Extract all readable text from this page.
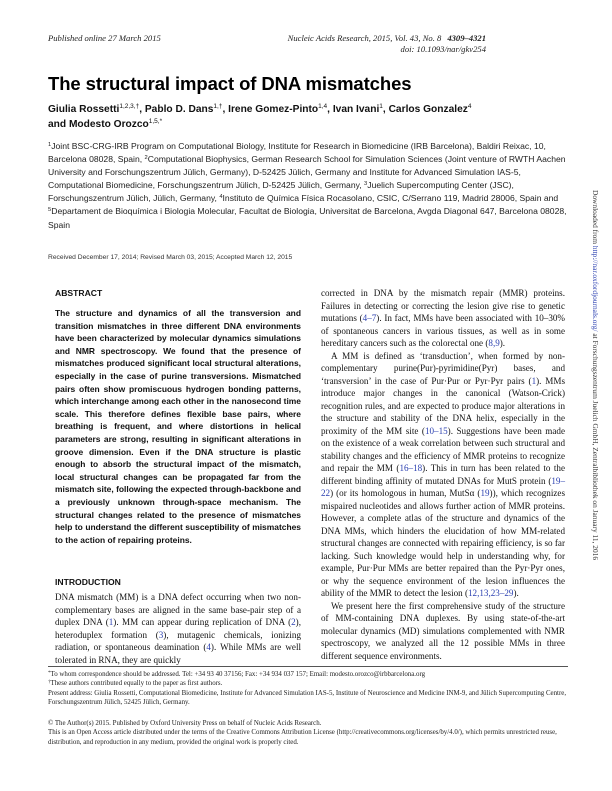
Published online 27 March 2015	Nucleic Acids Research, 2015, Vol. 43, No. 8 4309–4321
doi: 10.1093/nar/gkv254
The structural impact of DNA mismatches
Giulia Rossetti$^{1,2,3,\dagger}$, Pablo D. Dans$^{1,\dagger}$, Irene Gomez-Pinto$^{1,4}$, Ivan Ivani$^1$, Carlos Gonzalez$^4$
and Modesto Orozco$^{1,5,*}$
$^1$Joint BSC-CRG-IRB Program on Computational Biology, Institute for Research in Biomedicine (IRB Barcelona), Baldiri Reixac, 10, Barcelona 08028, Spain, $^2$Computational Biophysics, German Research School for Simulation Sciences (Joint venture of RWTH Aachen University and Forschungszentrum Jülich, Germany), D-52425 Jülich, Germany and Institute for Advanced Simulation IAS-5, Computational Biomedicine, Forschungszentrum Jülich, D-52425 Jülich, Germany, $^3$Juelich Supercomputing Center (JSC), Forschungszentrum Jülich, Jülich, Germany, $^4$Instituto de Química Física Rocasolano, CSIC, C/Serrano 119, Madrid 28006, Spain and $^5$Departament de Bioquímica i Biologia Molecular, Facultat de Biologia, Universitat de Barcelona, Avgda Diagonal 647, Barcelona 08028, Spain
Received December 17, 2014; Revised March 03, 2015; Accepted March 12, 2015
ABSTRACT
The structure and dynamics of all the transversion and transition mismatches in three different DNA environments have been characterized by molecular dynamics simulations and NMR spectroscopy. We found that the presence of mismatches produced significant local structural alterations, especially in the case of purine transversions. Mismatched pairs often show promiscuous hydrogen bonding patterns, which interchange among each other in the nanosecond time scale. This therefore defines flexible base pairs, where breathing is frequent, and where distortions in helical parameters are strong, resulting in significant alterations in groove dimension. Even if the DNA structure is plastic enough to absorb the structural impact of the mismatch, local structural changes can be propagated far from the mismatch site, following the expected through-backbone and a previously unknown through-space mechanism. The structural changes related to the presence of mismatches help to understand the different susceptibility of mismatches to the action of repairing proteins.
INTRODUCTION

DNA mismatch (MM) is a DNA defect occurring when two non-complementary bases are aligned in the same base-pair step of a duplex DNA (1). MM can appear during replication of DNA (2), heteroduplex formation (3), mutagenic chemicals, ionizing radiation, or spontaneous deamination (4). While MMs are well tolerated in RNA, they are quickly

corrected in DNA by the mismatch repair (MMR) proteins. Failures in detecting or correcting the lesion give rise to genetic mutations (4–7). In fact, MMs have been associated with 10–30% of spontaneous cancers in various tissues, as well as in some hereditary cancers such as the colorectal one (8,9).

A MM is defined as ‘transduction’, when formed by non-complementary purine(Pur)-pyrimidine(Pyr) bases, and ‘transversion’ in the case of Pur·Pur or Pyr·Pyr pairs (1). MMs introduce major changes in the canonical (Watson-Crick) recognition rules, and are expected to produce major alterations in the structure and stability of the DNA helix, especially in the proximity of the MM site (10–15). Suggestions have been made on the existence of a weak correlation between such structural and stability changes and the efficiency of MMR proteins to recognize and repair the MM (16–18). This in turn has been related to the different binding affinity of mutated DNAs for MutS protein (19–22) (or its homologous in human, MutSα (19)), which recognizes mispaired nucleotides and allows further action of MMR proteins. However, a complete atlas of the structure and dynamics of the DNA MMs, which hinders the elucidation of how MM-related structural changes are connected with repairing efficiency, is so far lacking. Such knowledge would help in understanding why, for example, Pur·Pur MMs are better repaired than the Pyr·Pyr ones, or why the sequence environment of the lesion influences the ability of the MMR to detect the lesion (12,13,23–29).

We present here the first comprehensive study of the structure of MM-containing DNA duplexes. By using state-of-the-art molecular dynamics (MD) simulations complemented with NMR spectroscopy, we analyzed all the 12 possible MMs in three different sequence environments.

*To whom correspondence should be addressed. Tel: +34 93 40 37156; Fax: +34 934 037 157; Email: modesto.orozco@irbbarcelona.org
†These authors contributed equally to the paper as first authors.
Present address: Giulia Rossetti, Computational Biomedicine, Institute for Advanced Simulation IAS-5, Institute of Neuroscience and Medicine INM-9, and Jülich Supercomputing Centre, Forschungszentrum Jülich, 52425 Jülich, Germany.
© The Author(s) 2015. Published by Oxford University Press on behalf of Nucleic Acids Research.
This is an Open Access article distributed under the terms of the Creative Commons Attribution License (http://creativecommons.org/licenses/by/4.0/), which permits unrestricted reuse, distribution, and reproduction in any medium, provided the original work is properly cited.
Downloaded from http://nar.oxfordjournals.org/ at Forschungszentrum Juelich GmbH, Zentralbibliothek on January 11, 2016
